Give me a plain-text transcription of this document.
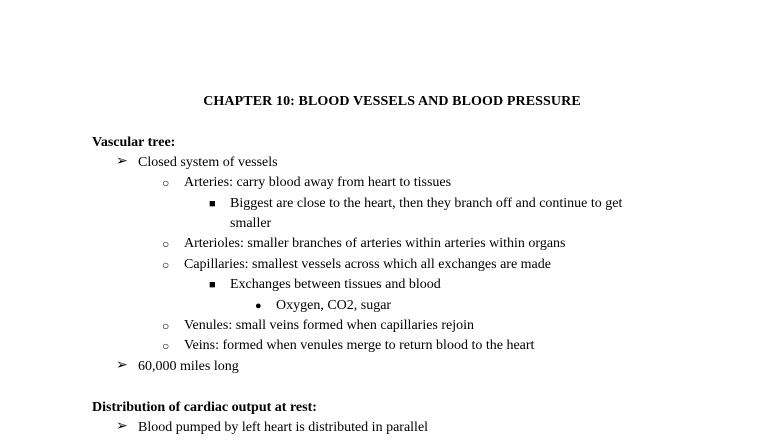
CHAPTER 10: BLOOD VESSELS AND BLOOD PRESSURE
Vascular tree:
➢ Closed system of vessels
○ Arteries: carry blood away from heart to tissues
■ Biggest are close to the heart, then they branch off and continue to get
smaller
○ Arterioles: smaller branches of arteries within arteries within organs
○ Capillaries: smallest vessels across which all exchanges are made
■ Exchanges between tissues and blood
● Oxygen, CO2, sugar
○ Venules: small veins formed when capillaries rejoin
○ Veins: formed when venules merge to return blood to the heart
➢ 60,000 miles long
Distribution of cardiac output at rest:
➢ Blood pumped by left heart is distributed in parallel
